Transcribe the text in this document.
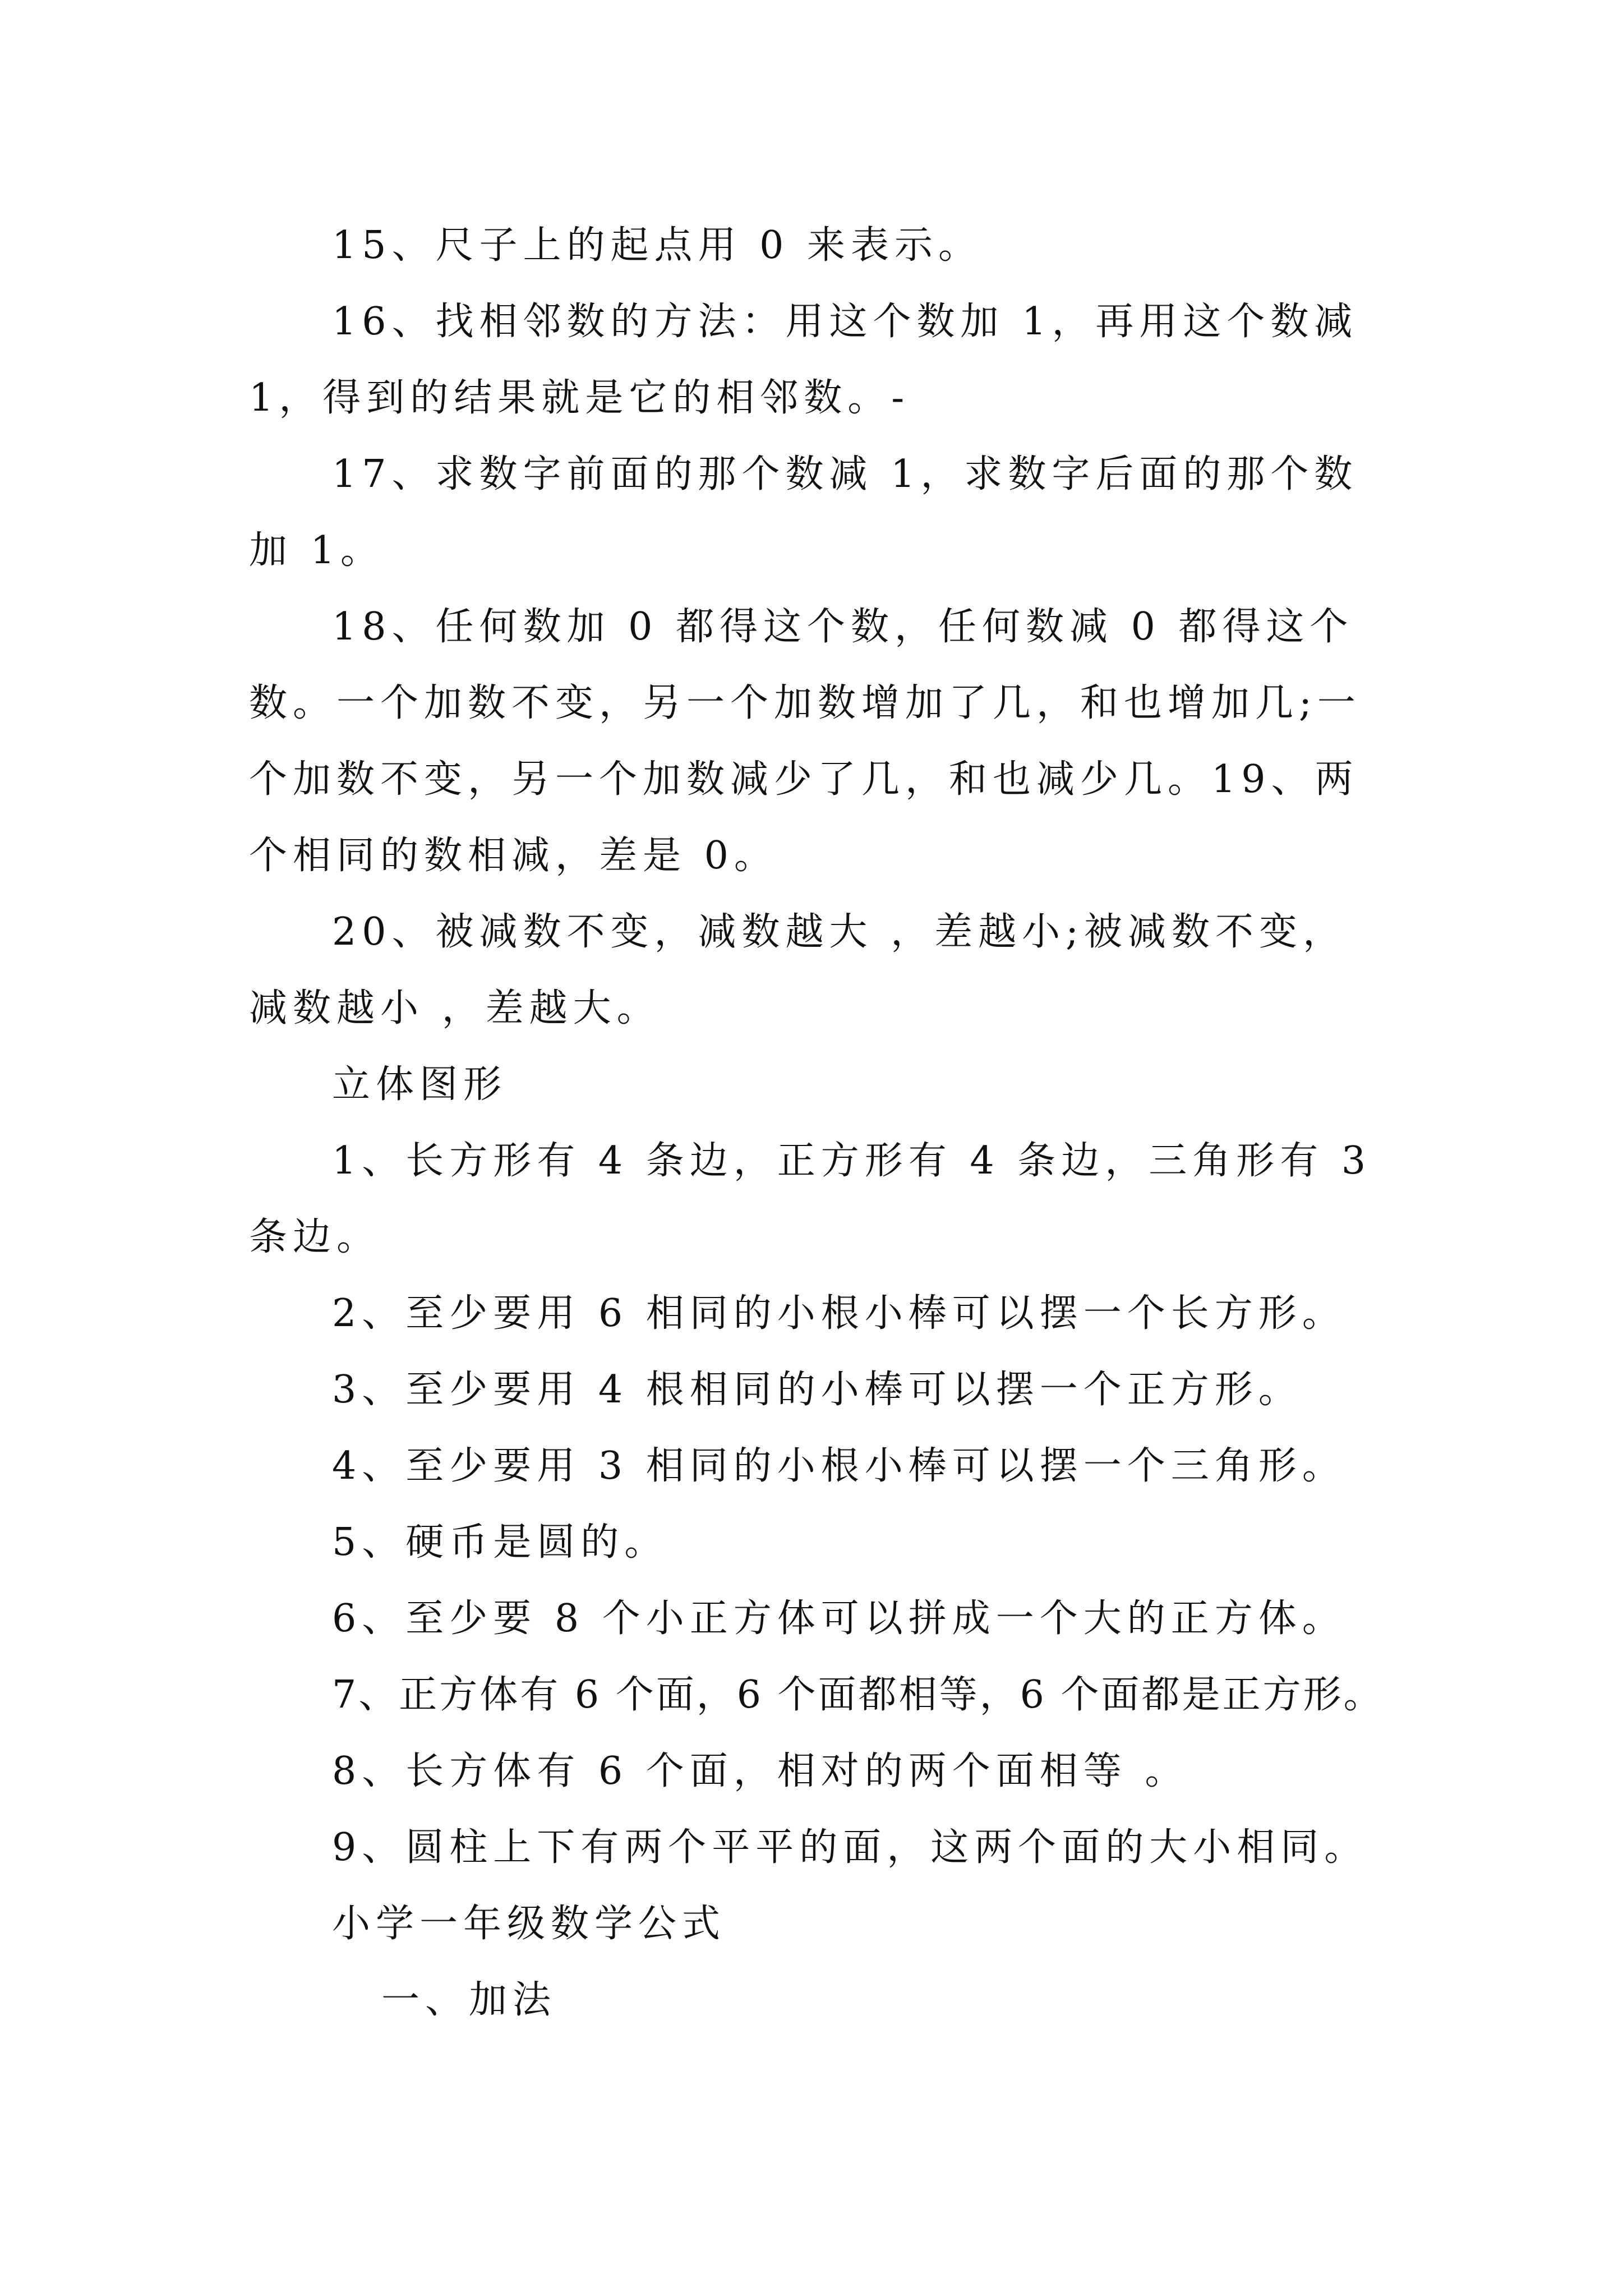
15、尺子上的起点用 0 来表示。

16、找相邻数的方法：用这个数加 1，再用这个数减 1，得到的结果就是它的相邻数。-

17、求数字前面的那个数减 1，求数字后面的那个数加 1。

18、任何数加 0 都得这个数，任何数减 0 都得这个数。一个加数不变，另一个加数增加了几，和也增加几;一个加数不变，另一个加数减少了几，和也减少几。19、两个相同的数相减，差是 0。

20、被减数不变，减数越大 ，差越小;被减数不变，减数越小 ，差越大。

立体图形

1、长方形有 4 条边，正方形有 4 条边，三角形有 3 条边。

2、至少要用 6 相同的小根小棒可以摆一个长方形。

3、至少要用 4 根相同的小棒可以摆一个正方形。

4、至少要用 3 相同的小根小棒可以摆一个三角形。

5、硬币是圆的。

6、至少要 8 个小正方体可以拼成一个大的正方体。

7、正方体有 6 个面，6 个面都相等，6 个面都是正方形。

8、长方体有 6 个面，相对的两个面相等 。

9、圆柱上下有两个平平的面，这两个面的大小相同。

小学一年级数学公式

一、加法
